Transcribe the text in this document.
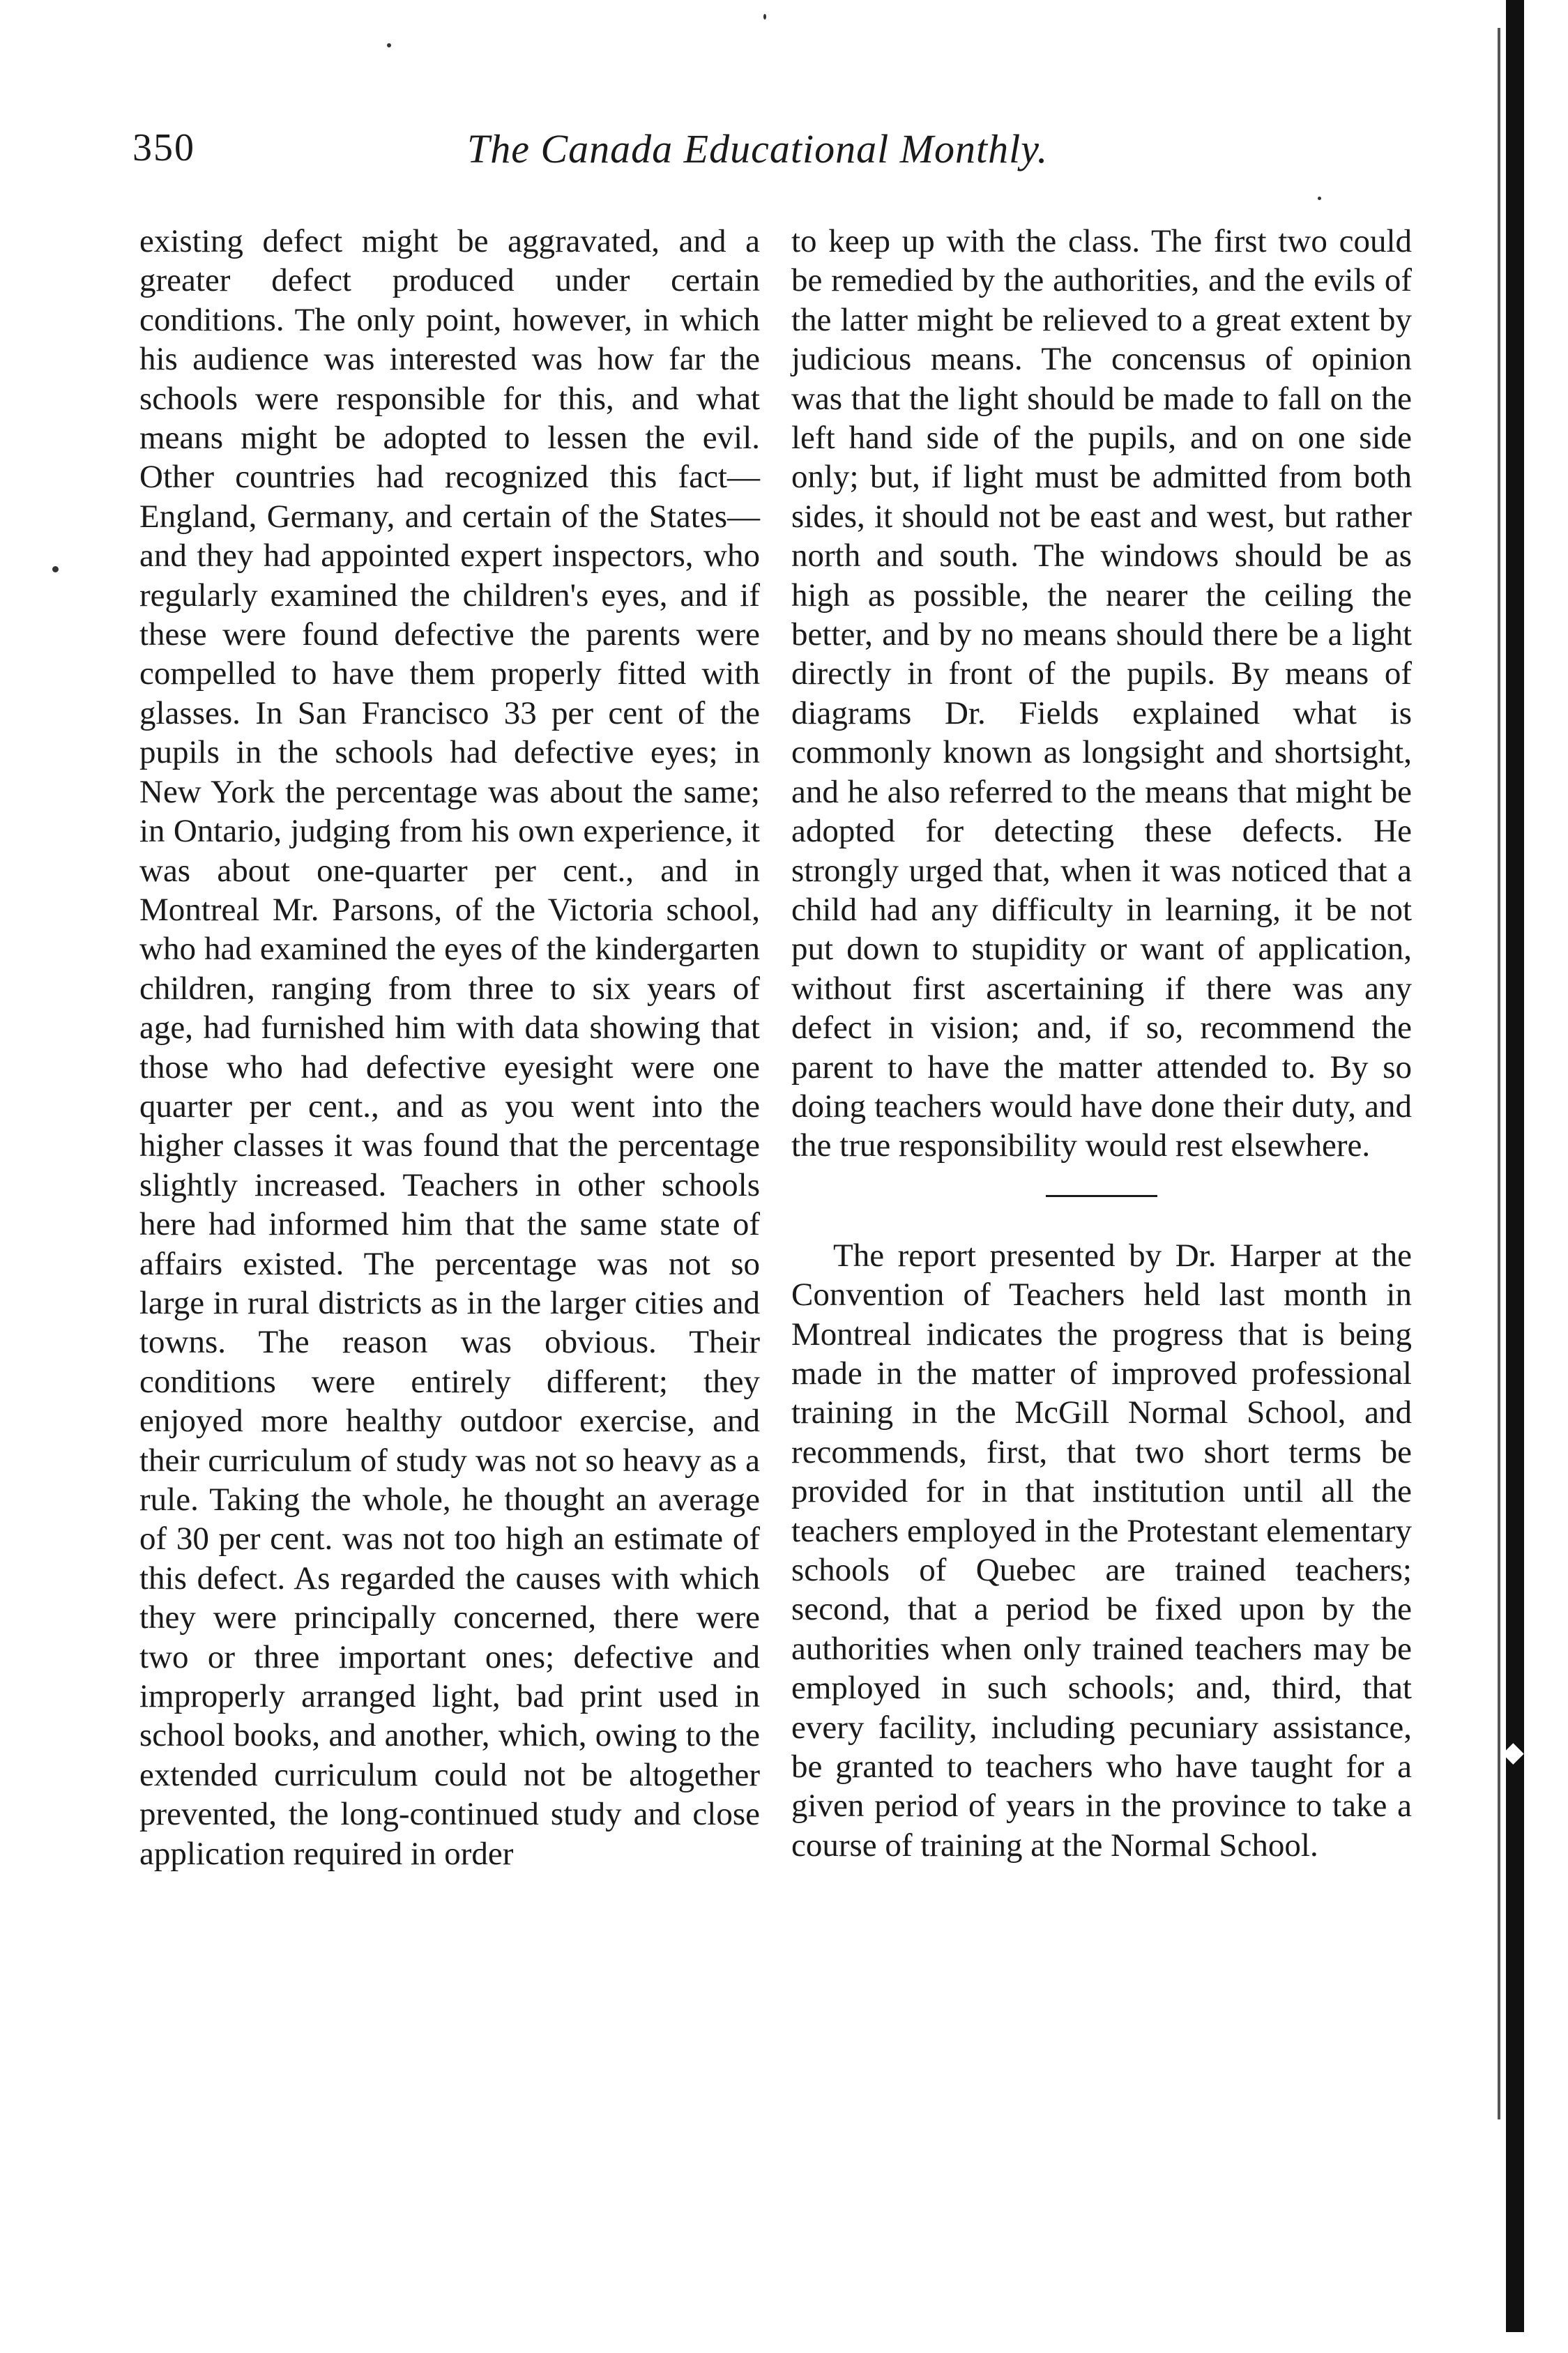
350	The Canada Educational Monthly.

existing defect might be aggravated, and a greater defect produced under certain conditions. The only point, however, in which his audience was interested was how far the schools were responsible for this, and what means might be adopted to lessen the evil. Other countries had recognized this fact—England, Germany, and certain of the States—and they had appointed expert inspectors, who regularly examined the children's eyes, and if these were found defective the parents were compelled to have them properly fitted with glasses. In San Francisco 33 per cent of the pupils in the schools had defective eyes; in New York the percentage was about the same; in Ontario, judging from his own experience, it was about one-quarter per cent., and in Montreal Mr. Parsons, of the Victoria school, who had examined the eyes of the kindergarten children, ranging from three to six years of age, had furnished him with data showing that those who had defective eyesight were one quarter per cent., and as you went into the higher classes it was found that the percentage slightly increased. Teachers in other schools here had informed him that the same state of affairs existed. The percentage was not so large in rural districts as in the larger cities and towns. The reason was obvious. Their conditions were entirely different; they enjoyed more healthy outdoor exercise, and their curriculum of study was not so heavy as a rule. Taking the whole, he thought an average of 30 per cent. was not too high an estimate of this defect. As regarded the causes with which they were principally concerned, there were two or three important ones; defective and improperly arranged light, bad print used in school books, and another, which, owing to the extended curriculum could not be altogether prevented, the long-continued study and close application required in order

to keep up with the class. The first two could be remedied by the authorities, and the evils of the latter might be relieved to a great extent by judicious means. The concensus of opinion was that the light should be made to fall on the left hand side of the pupils, and on one side only; but, if light must be admitted from both sides, it should not be east and west, but rather north and south. The windows should be as high as possible, the nearer the ceiling the better, and by no means should there be a light directly in front of the pupils. By means of diagrams Dr. Fields explained what is commonly known as longsight and shortsight, and he also referred to the means that might be adopted for detecting these defects. He strongly urged that, when it was noticed that a child had any difficulty in learning, it be not put down to stupidity or want of application, without first ascertaining if there was any defect in vision; and, if so, recommend the parent to have the matter attended to. By so doing teachers would have done their duty, and the true responsibility would rest elsewhere.

The report presented by Dr. Harper at the Convention of Teachers held last month in Montreal indicates the progress that is being made in the matter of improved professional training in the McGill Normal School, and recommends, first, that two short terms be provided for in that institution until all the teachers employed in the Protestant elementary schools of Quebec are trained teachers; second, that a period be fixed upon by the authorities when only trained teachers may be employed in such schools; and, third, that every facility, including pecuniary assistance, be granted to teachers who have taught for a given period of years in the province to take a course of training at the Normal School.

◆
